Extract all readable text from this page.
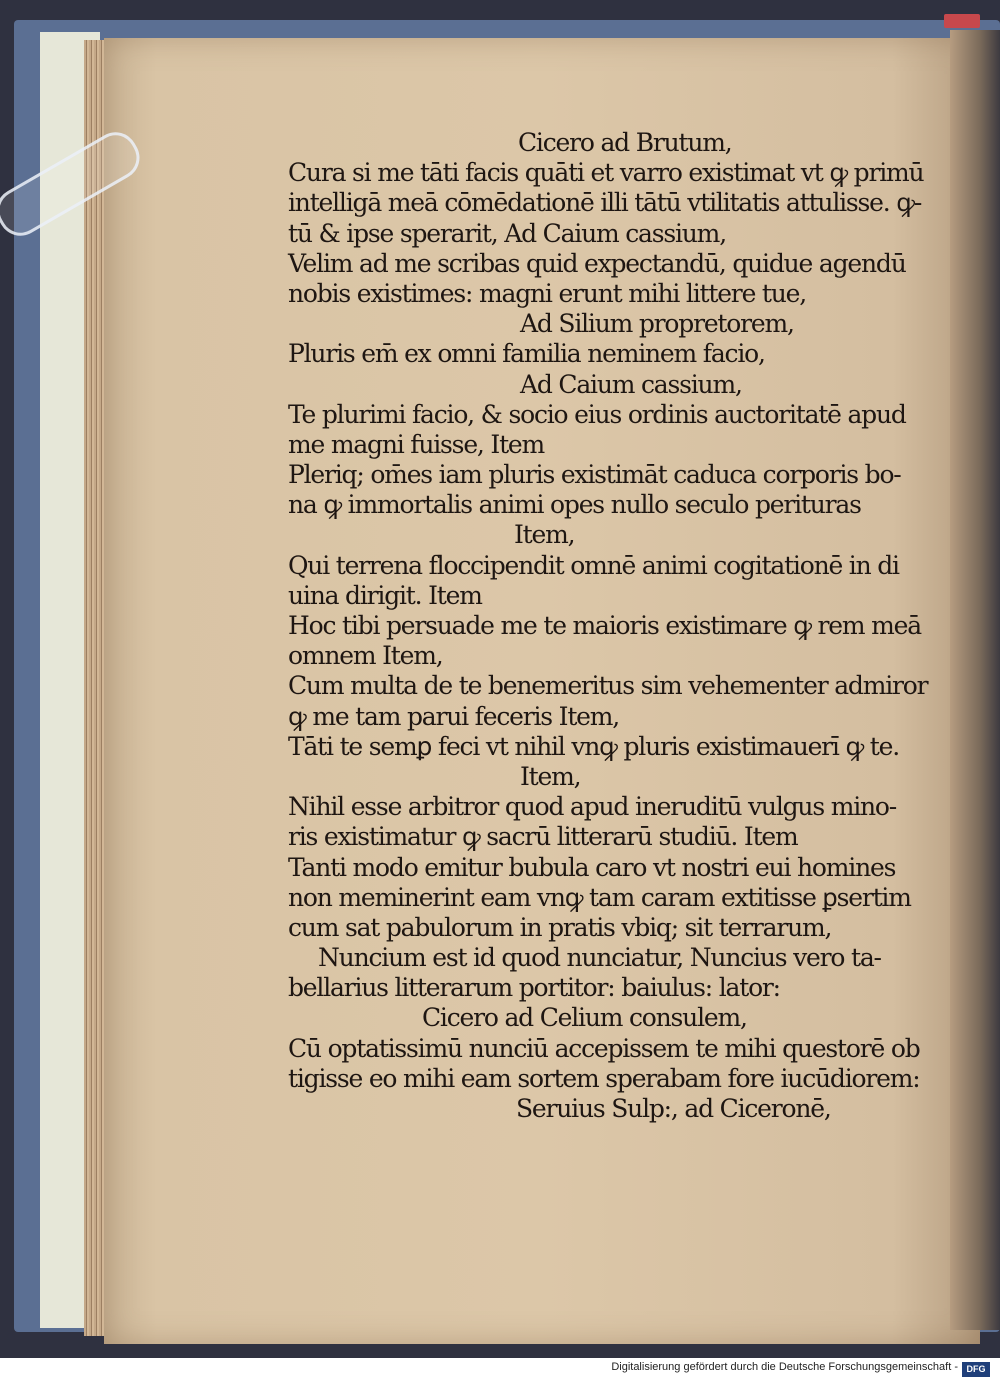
Cicero ad Brutum,
Cura si me tāti facis quāti et varro existimat vt ꝙ primū
intelligā meā cōmēdationē illi tātū vtilitatis attulisse. ꝙ-
tū & ipse sperarit, Ad Caium cassium,
Velim ad me scribas quid expectandū, quidue agendū
nobis existimes: magni erunt mihi littere tue,
Ad Silium propretorem,
Pluris em̄ ex omni familia neminem facio,
Ad Caium cassium,
Te plurimi facio, & socio eius ordinis auctoritatē apud
me magni fuisse, Item
Pleriq; om̄es iam pluris existimāt caduca corporis bo-
na ꝙ immortalis animi opes nullo seculo perituras
Item,
Qui terrena floccipendit omnē animi cogitationē in di
uina dirigit. Item
Hoc tibi persuade me te maioris existimare ꝙ rem meā
omnem Item,
Cum multa de te benemeritus sim vehementer admiror
ꝙ me tam parui feceris Item,
Tāti te semꝑ feci vt nihil vnꝙ pluris existimauerī ꝙ te.
Item,
Nihil esse arbitror quod apud ineruditū vulgus mino-
ris existimatur ꝙ sacrū litterarū studiū. Item
Tanti modo emitur bubula caro vt nostri eui homines
non meminerint eam vnꝙ tam caram extitisse ꝑsertim
cum sat pabulorum in pratis vbiq; sit terrarum,
Nuncium est id quod nunciatur, Nuncius vero ta-
bellarius litterarum portitor: baiulus: lator:
Cicero ad Celium consulem,
Cū optatissimū nunciū accepissem te mihi questorē ob
tigisse eo mihi eam sortem sperabam fore iucūdiorem:
Seruius Sulp:, ad Ciceronē,
Digitalisierung gefördert durch die Deutsche Forschungsgemeinschaft - DFG
